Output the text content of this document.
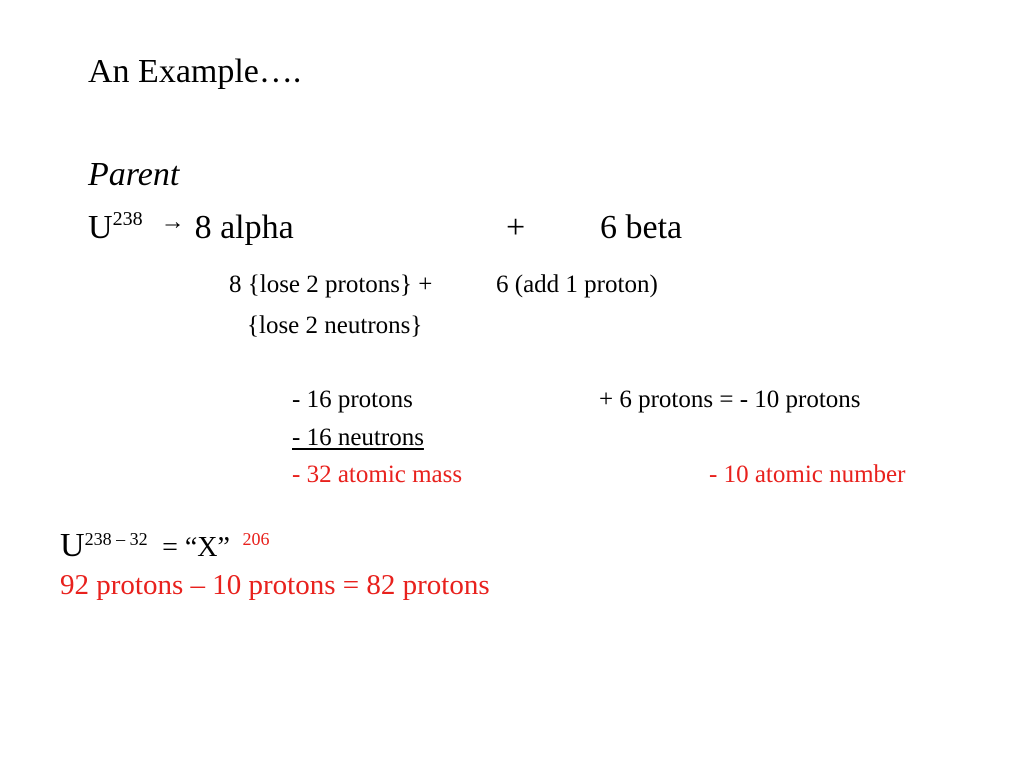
An Example….
Parent
$U^{238}$ → 8 alpha	+ 6 beta
8 {lose 2 protons} +	6 (add 1 proton)
{lose 2 neutrons}
- 16 protons	+ 6 protons = - 10 protons
- 16 neutrons
- 32 atomic mass	- 10 atomic number
$U^{238 - 32}$ = “X” $^{206}$
92 protons – 10 protons = 82 protons
